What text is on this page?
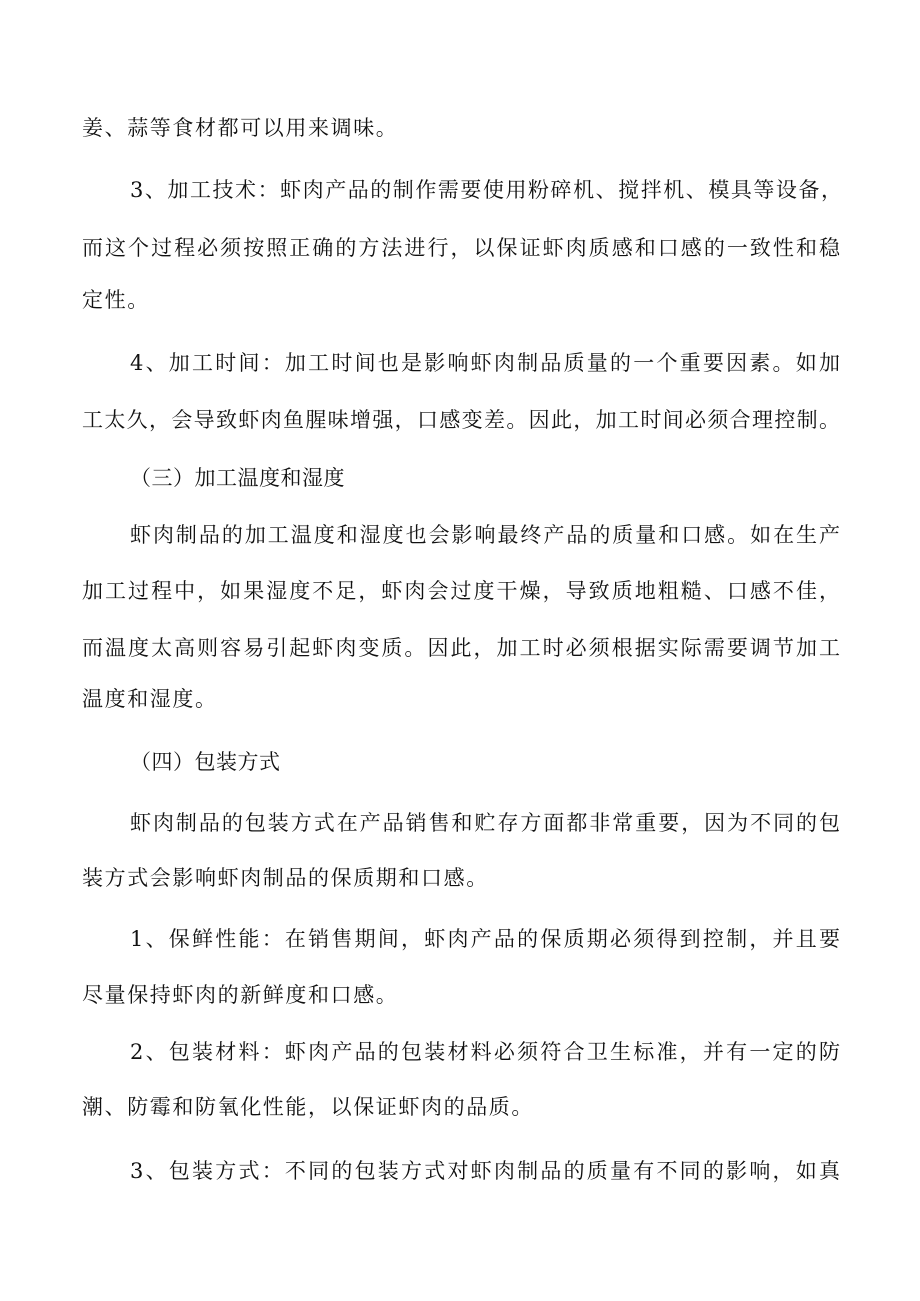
姜、蒜等食材都可以用来调味。
3、加工技术：虾肉产品的制作需要使用粉碎机、搅拌机、模具等设备，
而这个过程必须按照正确的方法进行，以保证虾肉质感和口感的一致性和稳
定性。
4、加工时间：加工时间也是影响虾肉制品质量的一个重要因素。如加
工太久，会导致虾肉鱼腥味增强，口感变差。因此，加工时间必须合理控制。
（三）加工温度和湿度
虾肉制品的加工温度和湿度也会影响最终产品的质量和口感。如在生产
加工过程中，如果湿度不足，虾肉会过度干燥，导致质地粗糙、口感不佳，
而温度太高则容易引起虾肉变质。因此，加工时必须根据实际需要调节加工
温度和湿度。
（四）包装方式
虾肉制品的包装方式在产品销售和贮存方面都非常重要，因为不同的包
装方式会影响虾肉制品的保质期和口感。
1、保鲜性能：在销售期间，虾肉产品的保质期必须得到控制，并且要
尽量保持虾肉的新鲜度和口感。
2、包装材料：虾肉产品的包装材料必须符合卫生标准，并有一定的防
潮、防霉和防氧化性能，以保证虾肉的品质。
3、包装方式：不同的包装方式对虾肉制品的质量有不同的影响，如真
